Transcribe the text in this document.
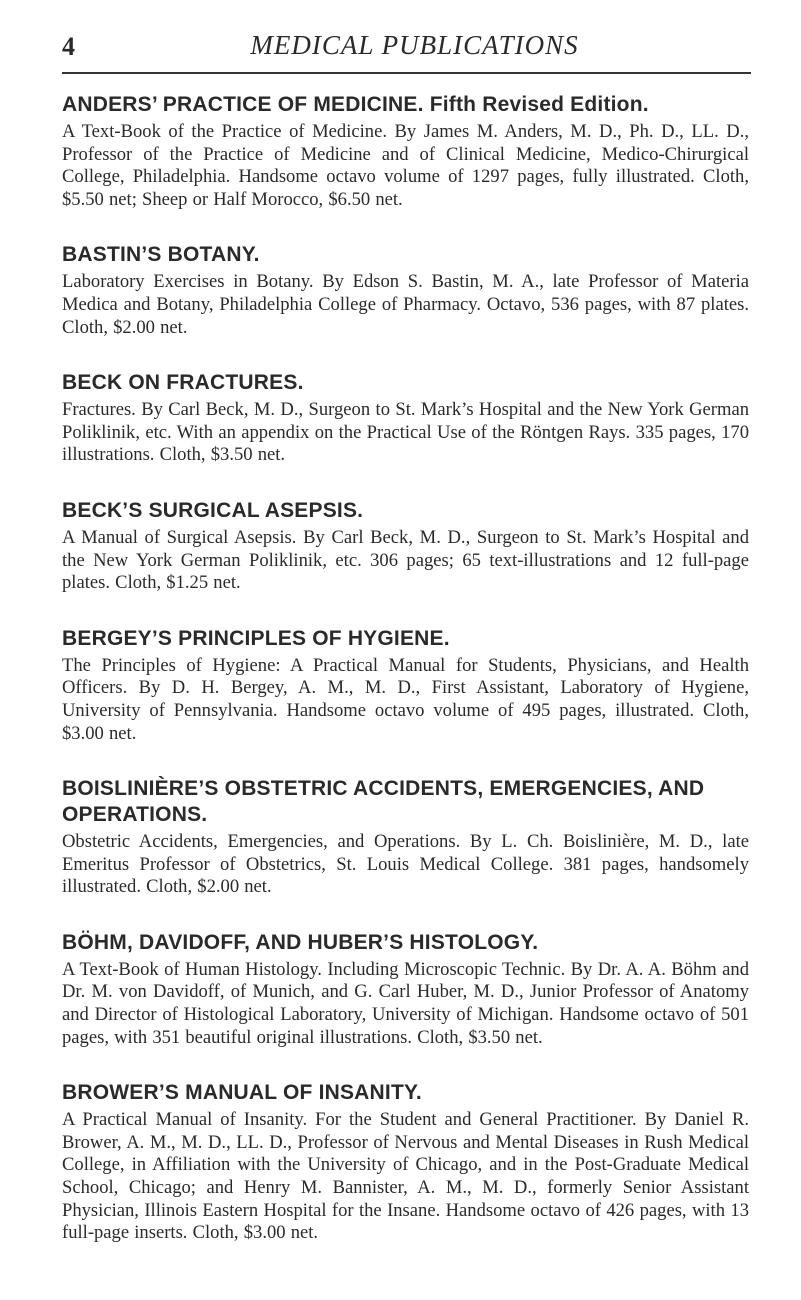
4	MEDICAL PUBLICATIONS

ANDERS’ PRACTICE OF MEDICINE. Fifth Revised Edition.

A Text-Book of the Practice of Medicine. By James M. Anders, M. D., Ph. D., LL. D., Professor of the Practice of Medicine and of Clinical Medicine, Medico-Chirurgical College, Philadelphia. Handsome octavo volume of 1297 pages, fully illustrated. Cloth, $5.50 net; Sheep or Half Morocco, $6.50 net.

BASTIN’S BOTANY.

Laboratory Exercises in Botany. By Edson S. Bastin, M. A., late Professor of Materia Medica and Botany, Philadelphia College of Pharmacy. Octavo, 536 pages, with 87 plates. Cloth, $2.00 net.

BECK ON FRACTURES.

Fractures. By Carl Beck, M. D., Surgeon to St. Mark’s Hospital and the New York German Poliklinik, etc. With an appendix on the Practical Use of the Röntgen Rays. 335 pages, 170 illustrations. Cloth, $3.50 net.

BECK’S SURGICAL ASEPSIS.

A Manual of Surgical Asepsis. By Carl Beck, M. D., Surgeon to St. Mark’s Hospital and the New York German Poliklinik, etc. 306 pages; 65 text-illustrations and 12 full-page plates. Cloth, $1.25 net.

BERGEY’S PRINCIPLES OF HYGIENE.

The Principles of Hygiene: A Practical Manual for Students, Physicians, and Health Officers. By D. H. Bergey, A. M., M. D., First Assistant, Laboratory of Hygiene, University of Pennsylvania. Handsome octavo volume of 495 pages, illustrated. Cloth, $3.00 net.

BOISLINIÈRE’S OBSTETRIC ACCIDENTS, EMERGENCIES, AND OPERATIONS.

Obstetric Accidents, Emergencies, and Operations. By L. Ch. Boislinière, M. D., late Emeritus Professor of Obstetrics, St. Louis Medical College. 381 pages, handsomely illustrated. Cloth, $2.00 net.

BÖHM, DAVIDOFF, AND HUBER’S HISTOLOGY.

A Text-Book of Human Histology. Including Microscopic Technic. By Dr. A. A. Böhm and Dr. M. von Davidoff, of Munich, and G. Carl Huber, M. D., Junior Professor of Anatomy and Director of Histological Laboratory, University of Michigan. Handsome octavo of 501 pages, with 351 beautiful original illustrations. Cloth, $3.50 net.

BROWER’S MANUAL OF INSANITY.

A Practical Manual of Insanity. For the Student and General Practitioner. By Daniel R. Brower, A. M., M. D., LL. D., Professor of Nervous and Mental Diseases in Rush Medical College, in Affiliation with the University of Chicago, and in the Post-Graduate Medical School, Chicago; and Henry M. Bannister, A. M., M. D., formerly Senior Assistant Physician, Illinois Eastern Hospital for the Insane. Handsome octavo of 426 pages, with 13 full-page inserts. Cloth, $3.00 net.
